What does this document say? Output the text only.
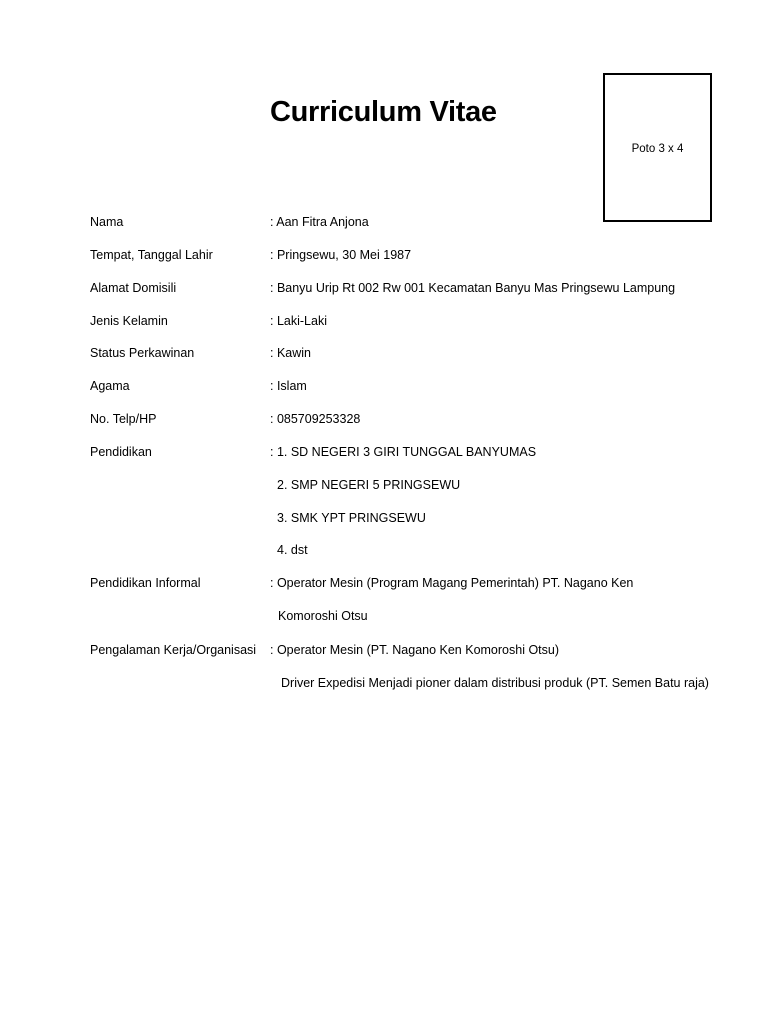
Curriculum Vitae
Poto 3 x 4
Nama	: Aan Fitra Anjona
Tempat, Tanggal Lahir	: Pringsewu, 30 Mei 1987
Alamat Domisili	: Banyu Urip Rt 002 Rw 001 Kecamatan Banyu Mas Pringsewu Lampung
Jenis Kelamin	: Laki-Laki
Status Perkawinan	: Kawin
Agama	: Islam
No. Telp/HP	: 085709253328
Pendidikan	: 1. SD NEGERI 3 GIRI TUNGGAL BANYUMAS
2. SMP NEGERI 5 PRINGSEWU
3. SMK YPT PRINGSEWU
4. dst
Pendidikan Informal	: Operator Mesin (Program Magang Pemerintah) PT. Nagano Ken
Komoroshi Otsu
Pengalaman Kerja/Organisasi : Operator Mesin (PT. Nagano Ken Komoroshi Otsu)
Driver Expedisi Menjadi pioner dalam distribusi produk (PT. Semen Batu raja)
